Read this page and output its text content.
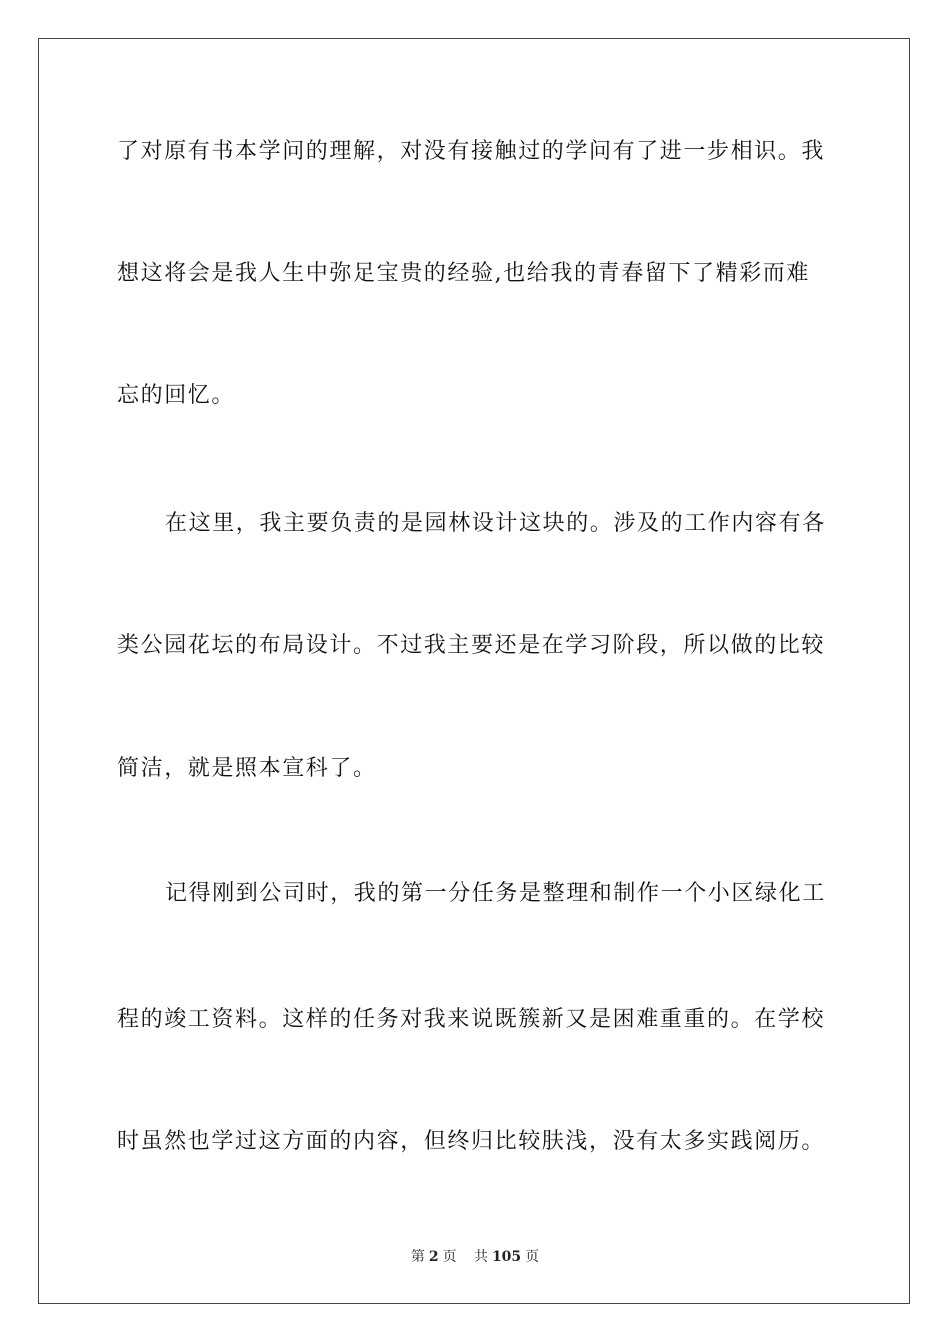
了对原有书本学问的理解，对没有接触过的学问有了进一步相识。我
想这将会是我人生中弥足宝贵的经验,也给我的青春留下了精彩而难
忘的回忆。
在这里，我主要负责的是园林设计这块的。涉及的工作内容有各
类公园花坛的布局设计。不过我主要还是在学习阶段，所以做的比较
简洁，就是照本宣科了。
记得刚到公司时，我的第一分任务是整理和制作一个小区绿化工
程的竣工资料。这样的任务对我来说既簇新又是困难重重的。在学校
时虽然也学过这方面的内容，但终归比较肤浅，没有太多实践阅历。
第 2 页 共 105 页
